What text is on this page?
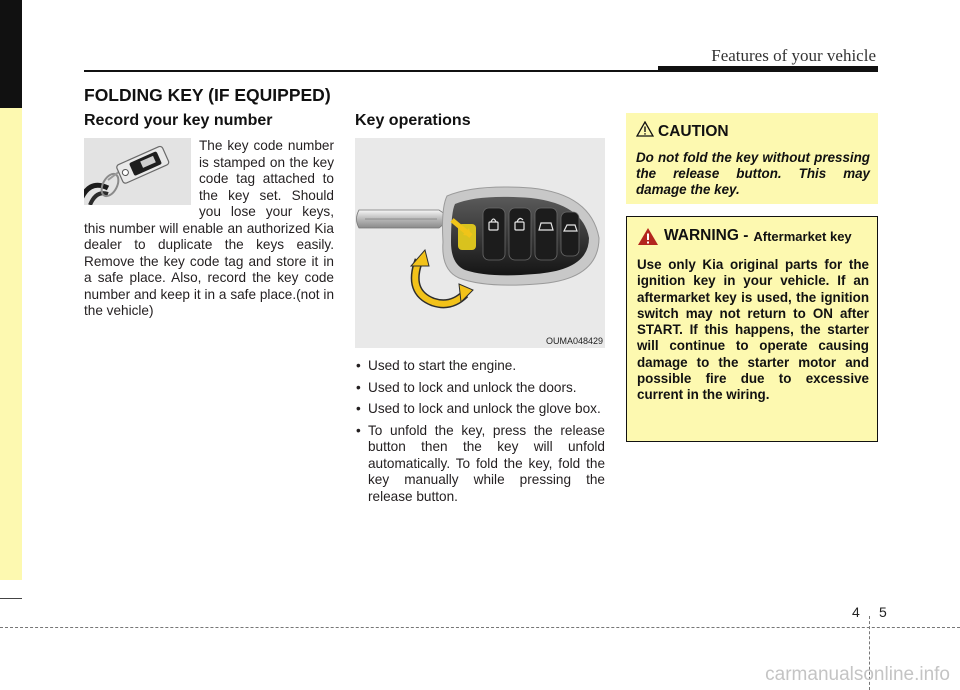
Features of your vehicle
FOLDING KEY (IF EQUIPPED)
Record your key number

The key code number is stamped on the key code tag attached to the key set. Should you lose your keys, this number will enable an authorized Kia dealer to duplicate the keys easily. Remove the key code tag and store it in a safe place. Also, record the key code number and keep it in a safe place.(not in the vehicle)

Key operations
OUMA048429
• Used to start the engine.
• Used to lock and unlock the doors.
• Used to lock and unlock the glove box.
• To unfold the key, press the release button then the key will unfold automatically. To fold the key, fold the key manually while pressing the release button.
CAUTION

Do not fold the key without pressing the release button. This may damage the key.

WARNING - Aftermarket key

Use only Kia original parts for the ignition key in your vehicle. If an aftermarket key is used, the ignition switch may not return to ON after START. If this happens, the starter will continue to operate causing damage to the starter motor and possible fire due to excessive current in the wiring.

4 5
carmanualsonline.info
